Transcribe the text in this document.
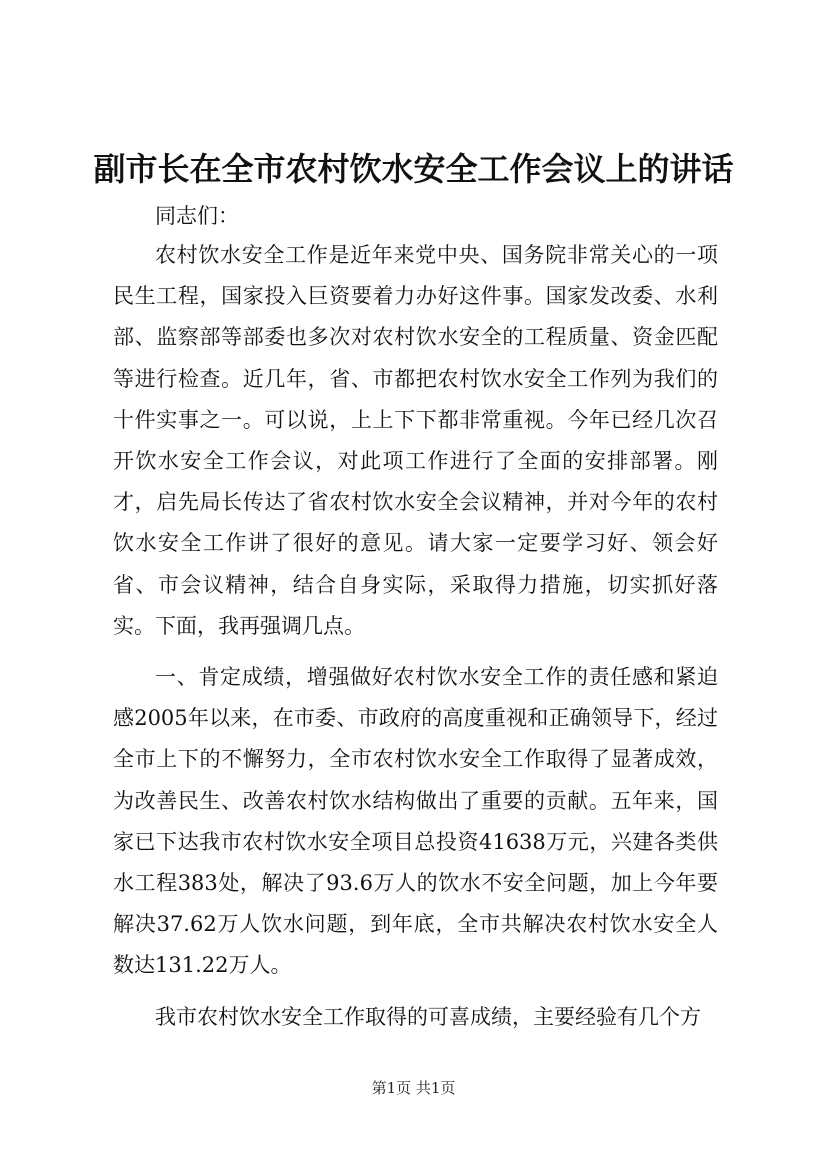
副市长在全市农村饮水安全工作会议上的讲话

同志们：

农村饮水安全工作是近年来党中央、国务院非常关心的一项民生工程，国家投入巨资要着力办好这件事。国家发改委、水利部、监察部等部委也多次对农村饮水安全的工程质量、资金匹配等进行检查。近几年，省、市都把农村饮水安全工作列为我们的十件实事之一。可以说，上上下下都非常重视。今年已经几次召开饮水安全工作会议，对此项工作进行了全面的安排部署。刚才，启先局长传达了省农村饮水安全会议精神，并对今年的农村饮水安全工作讲了很好的意见。请大家一定要学习好、领会好省、市会议精神，结合自身实际，采取得力措施，切实抓好落实。下面，我再强调几点。

一、肯定成绩，增强做好农村饮水安全工作的责任感和紧迫感2005年以来，在市委、市政府的高度重视和正确领导下，经过全市上下的不懈努力，全市农村饮水安全工作取得了显著成效，为改善民生、改善农村饮水结构做出了重要的贡献。五年来，国家已下达我市农村饮水安全项目总投资41638万元，兴建各类供水工程383处，解决了93.6万人的饮水不安全问题，加上今年要解决37.62万人饮水问题，到年底，全市共解决农村饮水安全人数达131.22万人。

我市农村饮水安全工作取得的可喜成绩，主要经验有几个方

第1页 共1页
